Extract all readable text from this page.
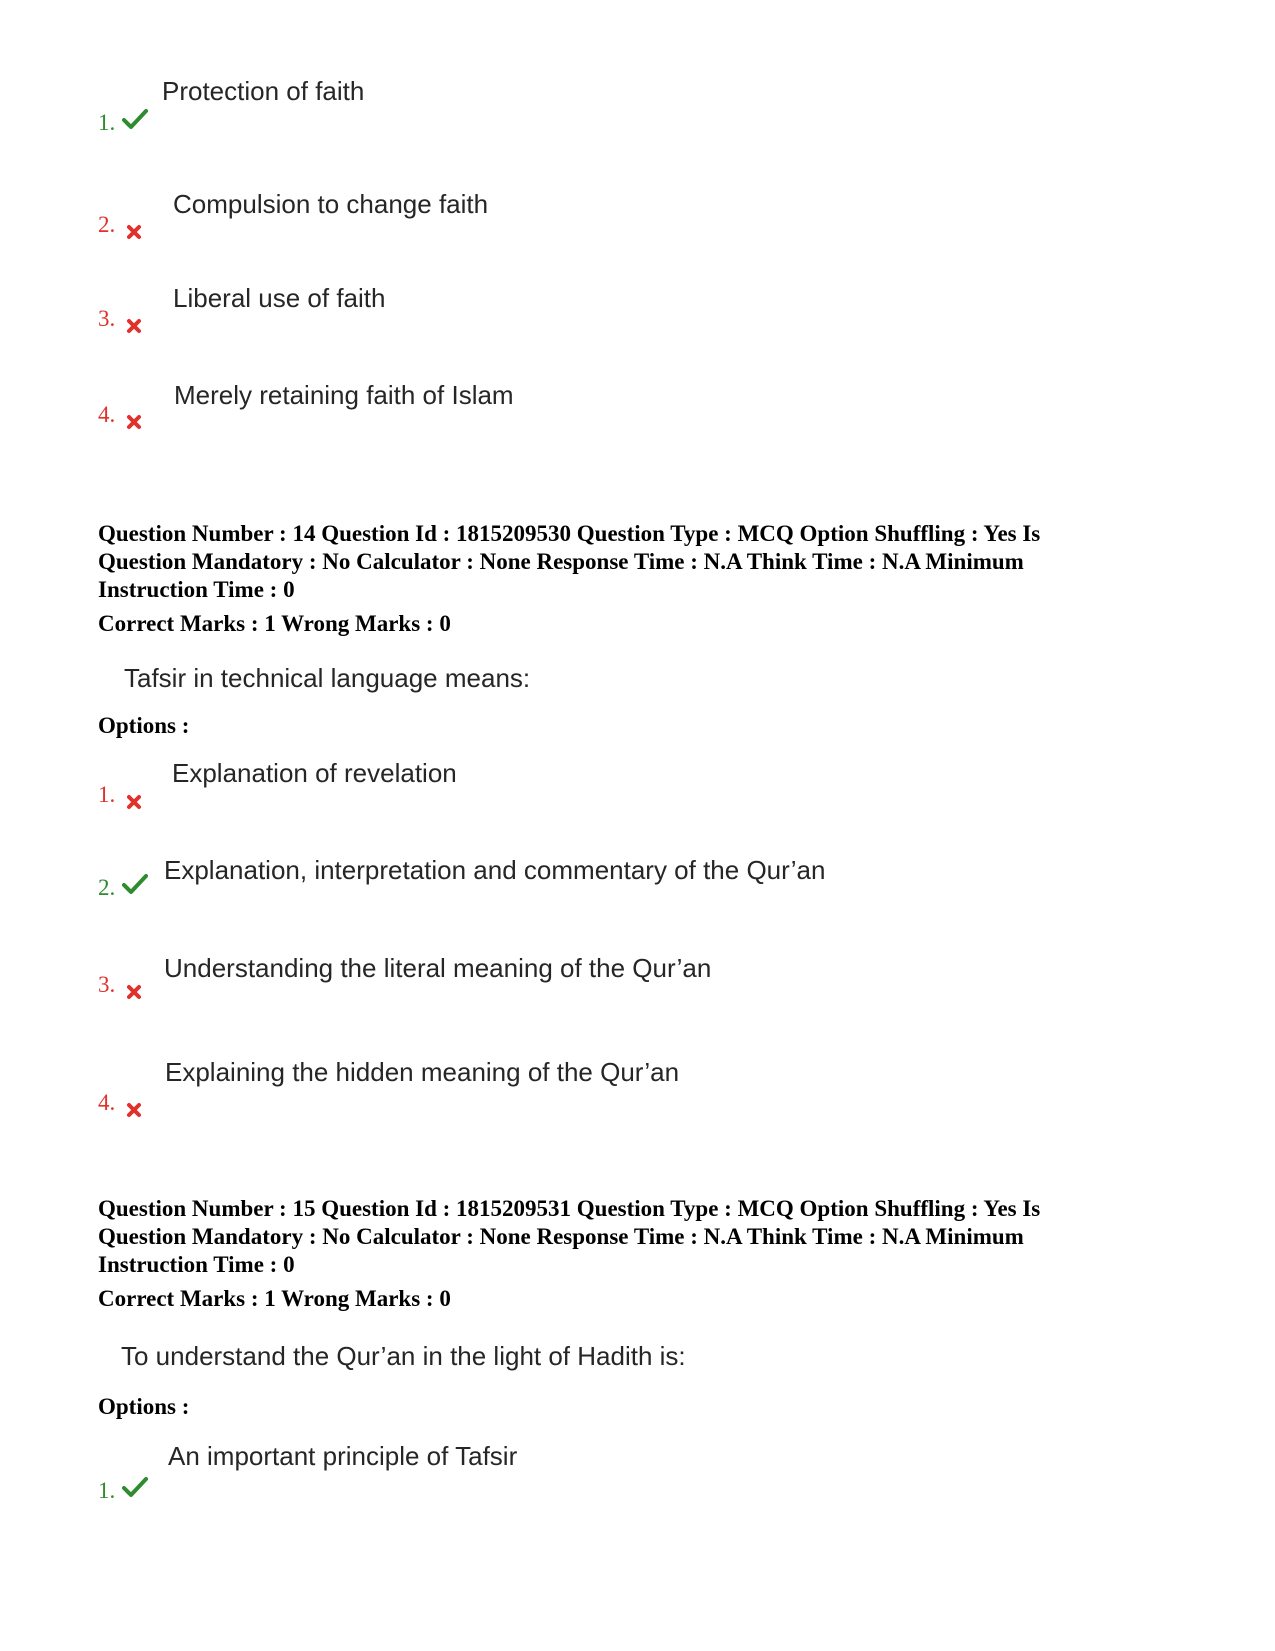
Protection of faith
1.
Compulsion to change faith
2.
Liberal use of faith
3.
Merely retaining faith of Islam
4.
Question Number : 14 Question Id : 1815209530 Question Type : MCQ Option Shuffling : Yes Is
Question Mandatory : No Calculator : None Response Time : N.A Think Time : N.A Minimum
Instruction Time : 0
Correct Marks : 1 Wrong Marks : 0
Tafsir in technical language means:
Options :
Explanation of revelation
1.
Explanation, interpretation and commentary of the Qur’an
2.
Understanding the literal meaning of the Qur’an
3.
Explaining the hidden meaning of the Qur’an
4.
Question Number : 15 Question Id : 1815209531 Question Type : MCQ Option Shuffling : Yes Is
Question Mandatory : No Calculator : None Response Time : N.A Think Time : N.A Minimum
Instruction Time : 0
Correct Marks : 1 Wrong Marks : 0
To understand the Qur’an in the light of Hadith is:
Options :
An important principle of Tafsir
1.
